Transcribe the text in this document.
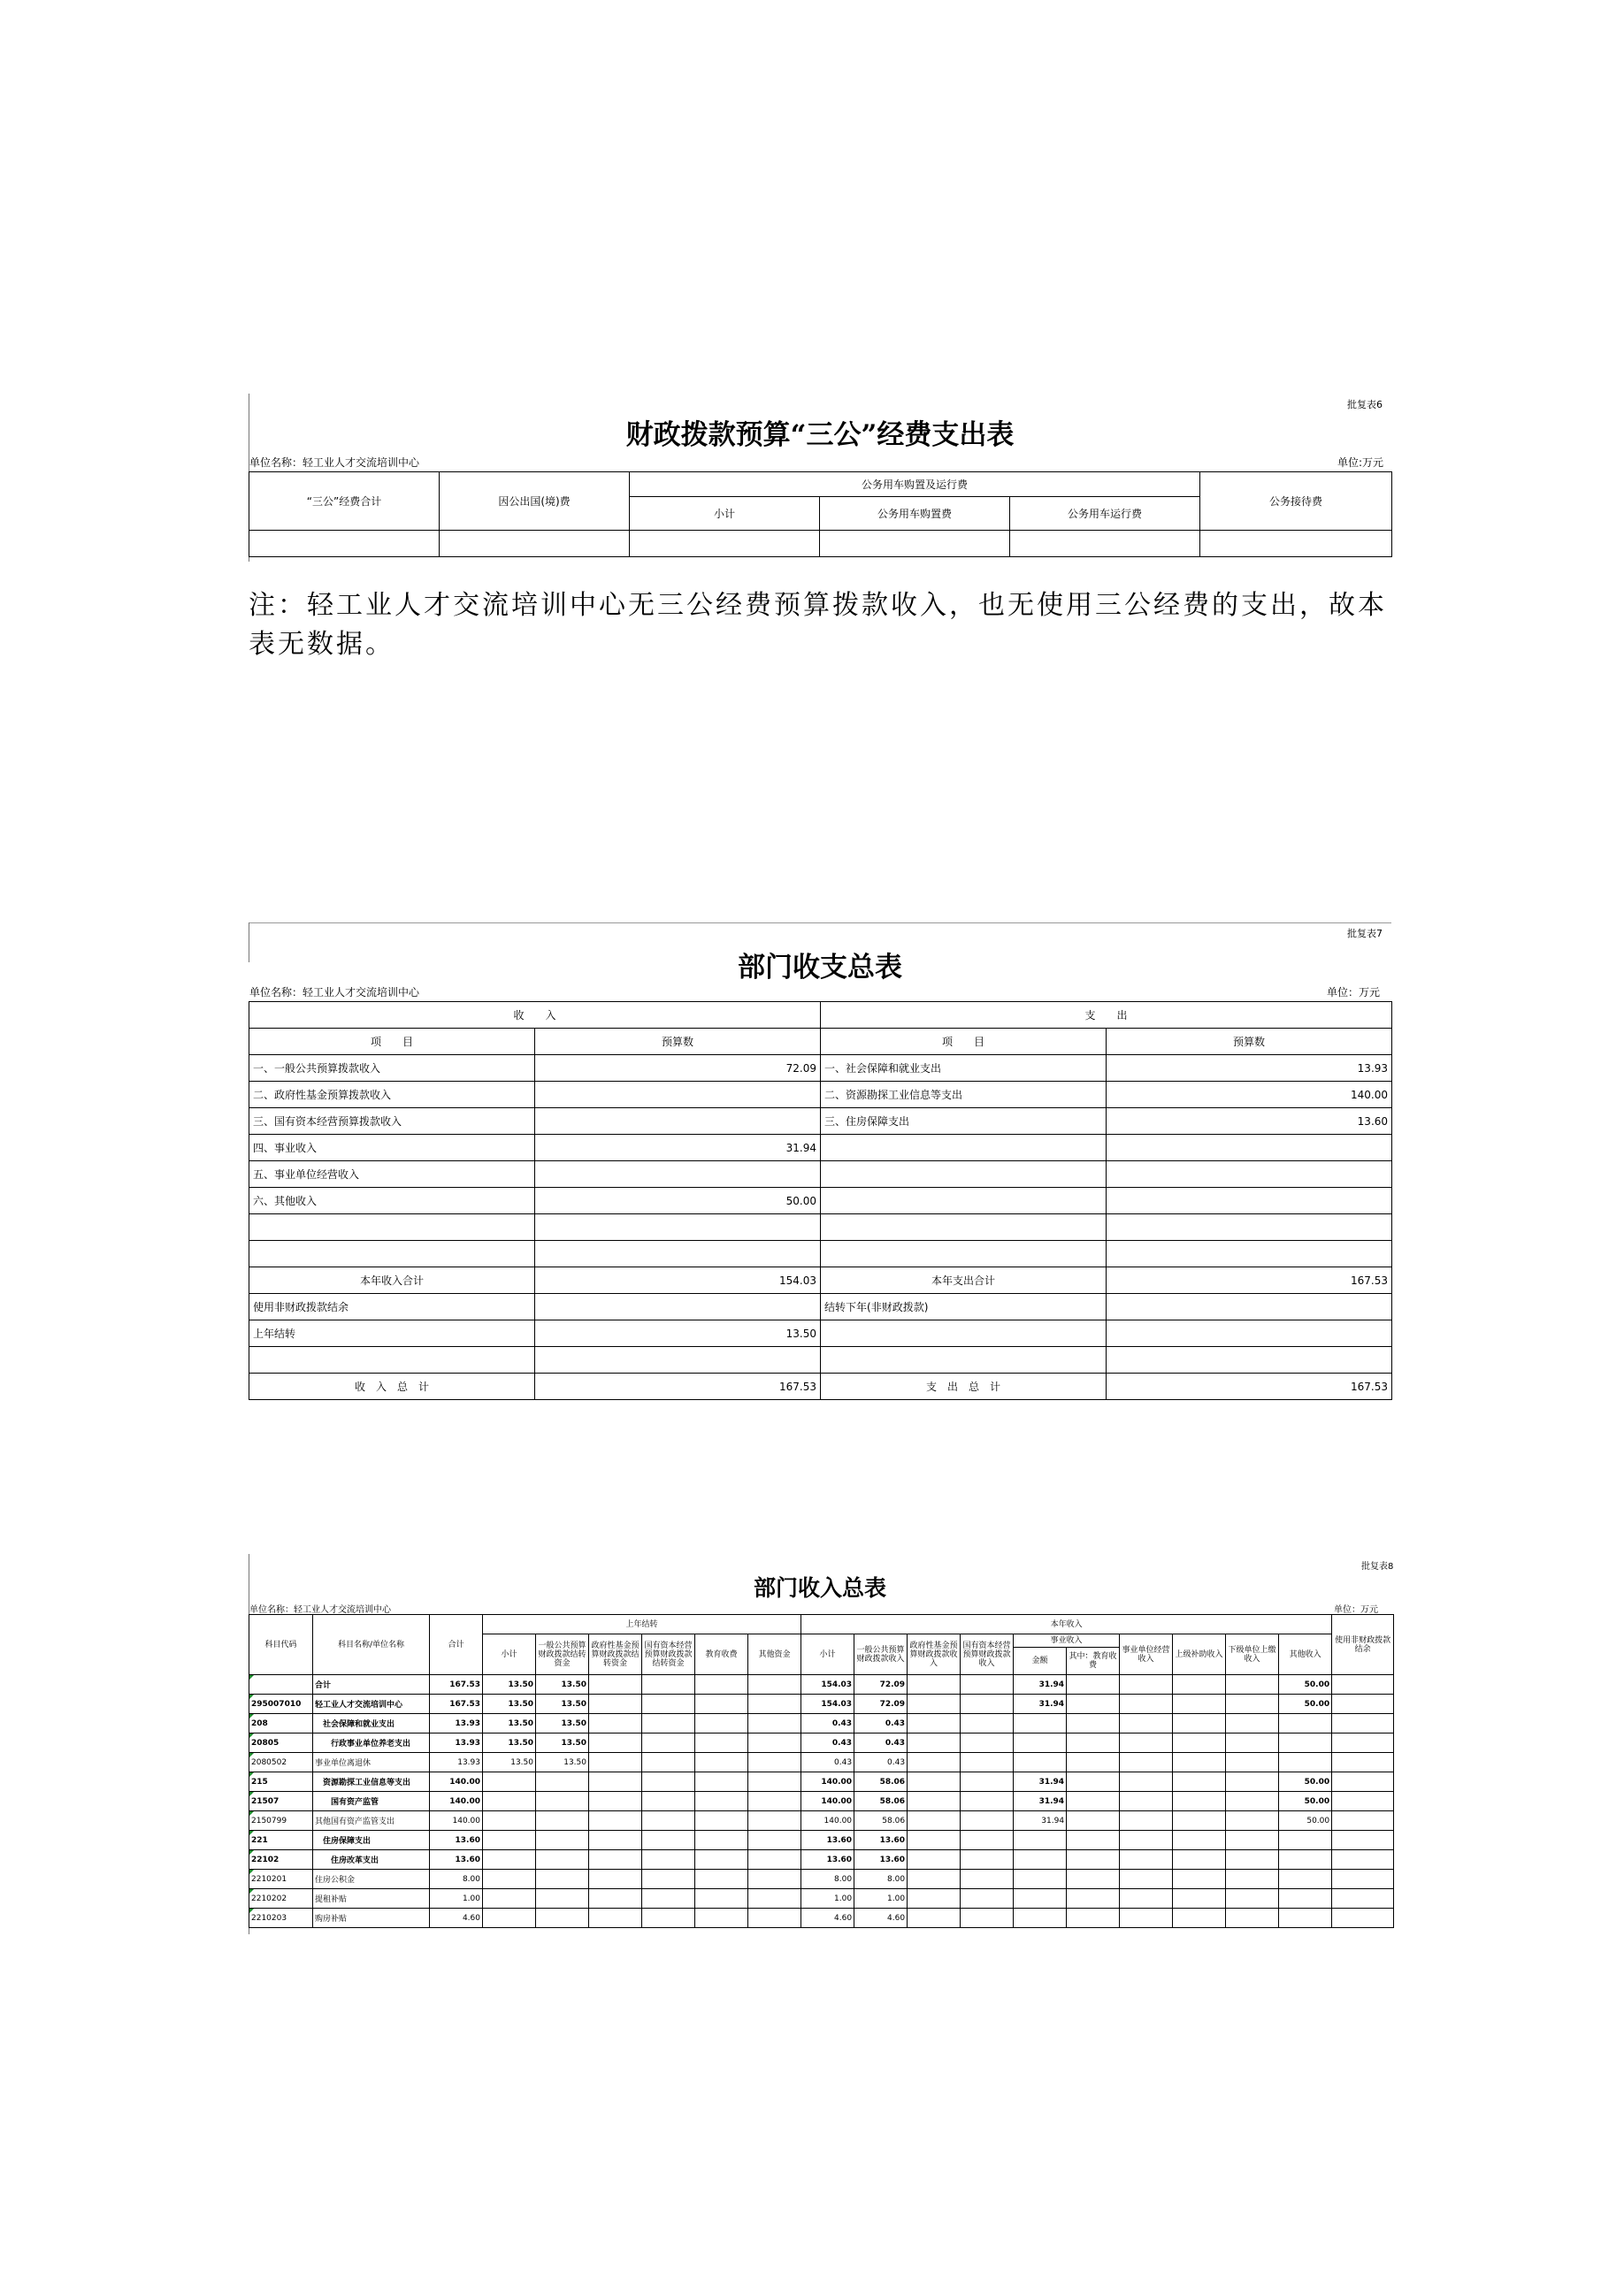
批复表6
财政拨款预算“三公”经费支出表
单位名称：轻工业人才交流培训中心	单位:万元
“三公”经费合计	因公出国(境)费	公务用车购置及运行费			公务接待费
		小计	公务用车购置费	公务用车运行费	

注：轻工业人才交流培训中心无三公经费预算拨款收入，也无使用三公经费的支出，故本表无数据。
批复表7
部门收支总表
单位名称：轻工业人才交流培训中心	单位：万元
收　　入		支　　出	
项　　目	预算数	项　　目	预算数
一、一般公共预算拨款收入	72.09	一、社会保障和就业支出	13.93
二、政府性基金预算拨款收入		二、资源勘探工业信息等支出	140.00
三、国有资本经营预算拨款收入		三、住房保障支出	13.60
四、事业收入	31.94		
五、事业单位经营收入			
六、其他收入	50.00		

本年收入合计	154.03	本年支出合计	167.53
使用非财政拨款结余		结转下年(非财政拨款)	
上年结转	13.50		

收　入　总　计	167.53	支　出　总　计	167.53
批复表8
部门收入总表
单位名称：轻工业人才交流培训中心	单位：万元
科目代码	科目名称/单位名称	合计	上年结转						本年收入										使用非财政拨款结余
			小计	一般公共预算财政拨款结转资金	政府性基金预算财政拨款结转资金	国有资本经营预算财政拨款结转资金	教育收费	其他资金	小计	一般公共预算财政拨款收入	政府性基金预算财政拨款收入	国有资本经营预算财政拨款收入	事业收入		事业单位经营收入	上级补助收入	下级单位上缴收入	其他收入	
													金额	其中：教育收费					
	合计	167.53	13.50	13.50					154.03	72.09			31.94					50.00	
295007010	轻工业人才交流培训中心	167.53	13.50	13.50					154.03	72.09			31.94					50.00	
208	　社会保障和就业支出	13.93	13.50	13.50					0.43	0.43									
20805	　　行政事业单位养老支出	13.93	13.50	13.50					0.43	0.43									
2080502	事业单位离退休	13.93	13.50	13.50					0.43	0.43									
215	　资源勘探工业信息等支出	140.00							140.00	58.06			31.94					50.00	
21507	　　国有资产监管	140.00							140.00	58.06			31.94					50.00	
2150799	其他国有资产监管支出	140.00							140.00	58.06			31.94					50.00	
221	　住房保障支出	13.60							13.60	13.60									
22102	　　住房改革支出	13.60							13.60	13.60									
2210201	住房公积金	8.00							8.00	8.00									
2210202	提租补贴	1.00							1.00	1.00									
2210203	购房补贴	4.60							4.60	4.60									
